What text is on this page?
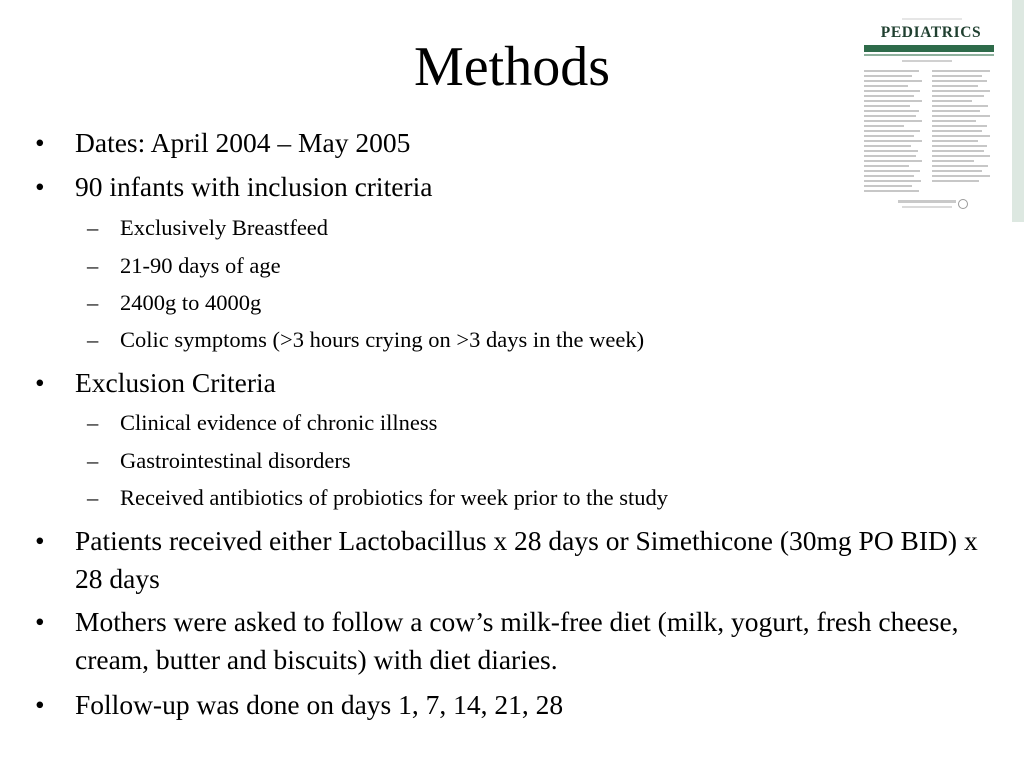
Methods
• Dates: April 2004 – May 2005
• 90 infants with inclusion criteria
– Exclusively Breastfeed
– 21-90 days of age
– 2400g to 4000g
– Colic symptoms (>3 hours crying on >3 days in the week)
• Exclusion Criteria
– Clinical evidence of chronic illness
– Gastrointestinal disorders
– Received antibiotics of probiotics for week prior to the study
• Patients received either Lactobacillus x 28 days or Simethicone (30mg PO BID) x 28 days
• Mothers were asked to follow a cow’s milk-free diet (milk, yogurt, fresh cheese, cream, butter and biscuits) with diet diaries.
• Follow-up was done on days 1, 7, 14, 21, 28
PEDIATRICS
